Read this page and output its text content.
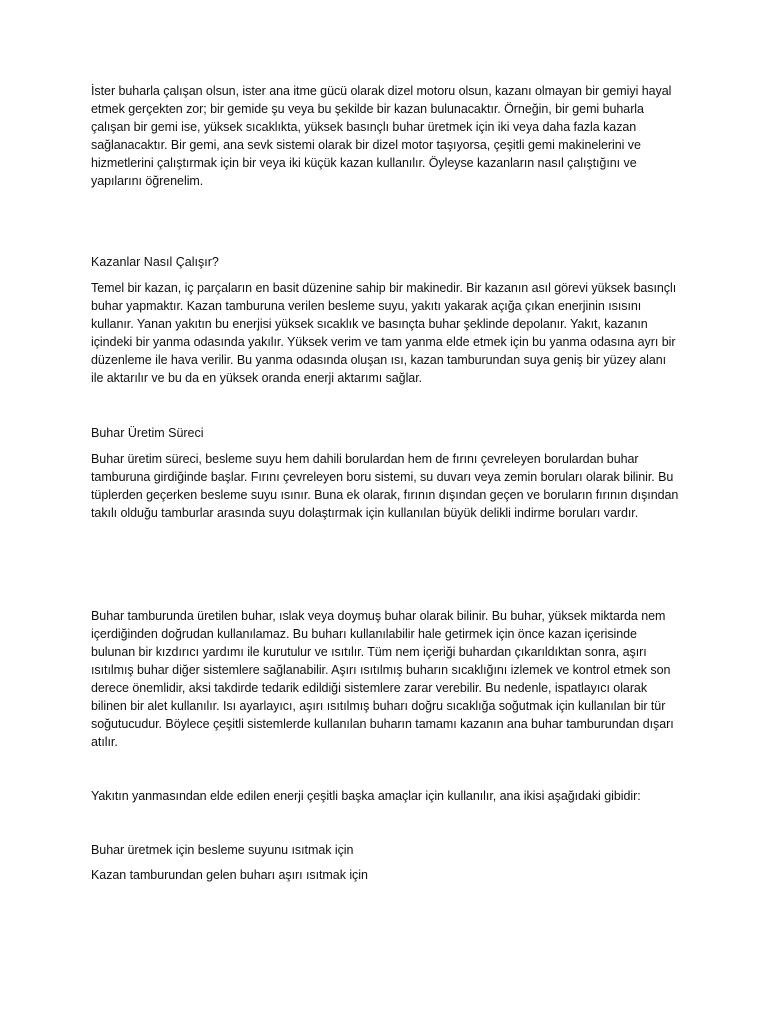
İster buharla çalışan olsun, ister ana itme gücü olarak dizel motoru olsun, kazanı olmayan bir gemiyi hayal etmek gerçekten zor; bir gemide şu veya bu şekilde bir kazan bulunacaktır. Örneğin, bir gemi buharla çalışan bir gemi ise, yüksek sıcaklıkta, yüksek basınçlı buhar üretmek için iki veya daha fazla kazan sağlanacaktır. Bir gemi, ana sevk sistemi olarak bir dizel motor taşıyorsa, çeşitli gemi makinelerini ve hizmetlerini çalıştırmak için bir veya iki küçük kazan kullanılır. Öyleyse kazanların nasıl çalıştığını ve yapılarını öğrenelim.

Kazanlar Nasıl Çalışır?

Temel bir kazan, iç parçaların en basit düzenine sahip bir makinedir. Bir kazanın asıl görevi yüksek basınçlı buhar yapmaktır. Kazan tamburuna verilen besleme suyu, yakıtı yakarak açığa çıkan enerjinin ısısını kullanır. Yanan yakıtın bu enerjisi yüksek sıcaklık ve basınçta buhar şeklinde depolanır. Yakıt, kazanın içindeki bir yanma odasında yakılır. Yüksek verim ve tam yanma elde etmek için bu yanma odasına ayrı bir düzenleme ile hava verilir. Bu yanma odasında oluşan ısı, kazan tamburundan suya geniş bir yüzey alanı ile aktarılır ve bu da en yüksek oranda enerji aktarımı sağlar.

Buhar Üretim Süreci

Buhar üretim süreci, besleme suyu hem dahili borulardan hem de fırını çevreleyen borulardan buhar tamburuna girdiğinde başlar. Fırını çevreleyen boru sistemi, su duvarı veya zemin boruları olarak bilinir. Bu tüplerden geçerken besleme suyu ısınır. Buna ek olarak, fırının dışından geçen ve boruların fırının dışından takılı olduğu tamburlar arasında suyu dolaştırmak için kullanılan büyük delikli indirme boruları vardır.

Buhar tamburunda üretilen buhar, ıslak veya doymuş buhar olarak bilinir. Bu buhar, yüksek miktarda nem içerdiğinden doğrudan kullanılamaz. Bu buharı kullanılabilir hale getirmek için önce kazan içerisinde bulunan bir kızdırıcı yardımı ile kurutulur ve ısıtılır. Tüm nem içeriği buhardan çıkarıldıktan sonra, aşırı ısıtılmış buhar diğer sistemlere sağlanabilir. Aşırı ısıtılmış buharın sıcaklığını izlemek ve kontrol etmek son derece önemlidir, aksi takdirde tedarik edildiği sistemlere zarar verebilir. Bu nedenle, ispatlayıcı olarak bilinen bir alet kullanılır. Isı ayarlayıcı, aşırı ısıtılmış buharı doğru sıcaklığa soğutmak için kullanılan bir tür soğutucudur. Böylece çeşitli sistemlerde kullanılan buharın tamamı kazanın ana buhar tamburundan dışarı atılır.

Yakıtın yanmasından elde edilen enerji çeşitli başka amaçlar için kullanılır, ana ikisi aşağıdaki gibidir:

Buhar üretmek için besleme suyunu ısıtmak için

Kazan tamburundan gelen buharı aşırı ısıtmak için
